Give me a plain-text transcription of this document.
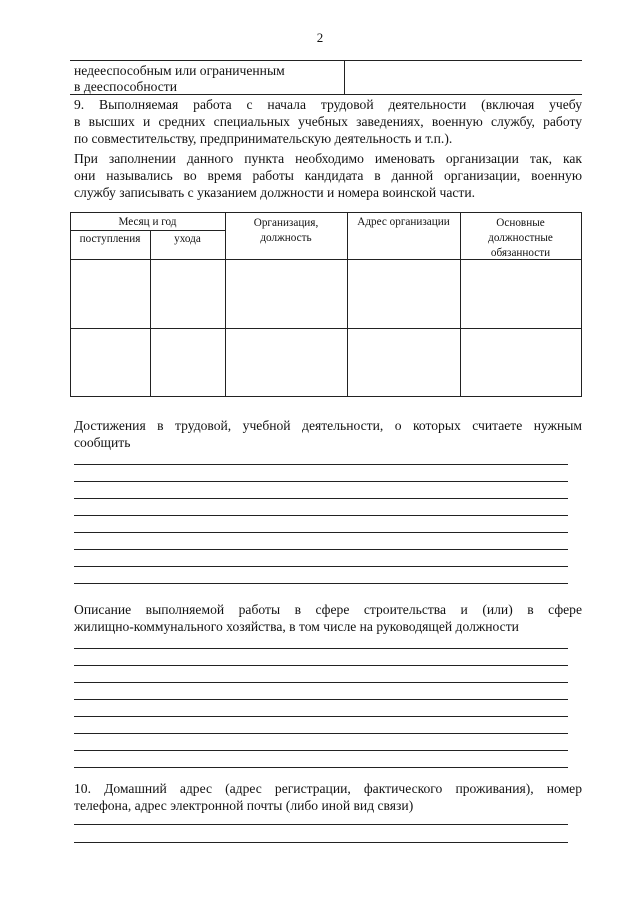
2
недееспособным или ограниченным
в дееспособности
9. Выполняемая работа с начала трудовой деятельности (включая учебу
в высших и средних специальных учебных заведениях, военную службу, работу
по совместительству, предпринимательскую деятельность и т.п.).
При заполнении данного пункта необходимо именовать организации так, как
они назывались во время работы кандидата в данной организации, военную
службу записывать с указанием должности и номера воинской части.
Месяц и год
поступления	ухода
Организация,
должность
Адрес организации	Основные
должностные
обязанности
Достижения в трудовой, учебной деятельности, о которых считаете нужным
сообщить
Описание выполняемой работы в сфере строительства и (или) в сфере
жилищно-коммунального хозяйства, в том числе на руководящей должности
10. Домашний адрес (адрес регистрации, фактического проживания), номер
телефона, адрес электронной почты (либо иной вид связи)
